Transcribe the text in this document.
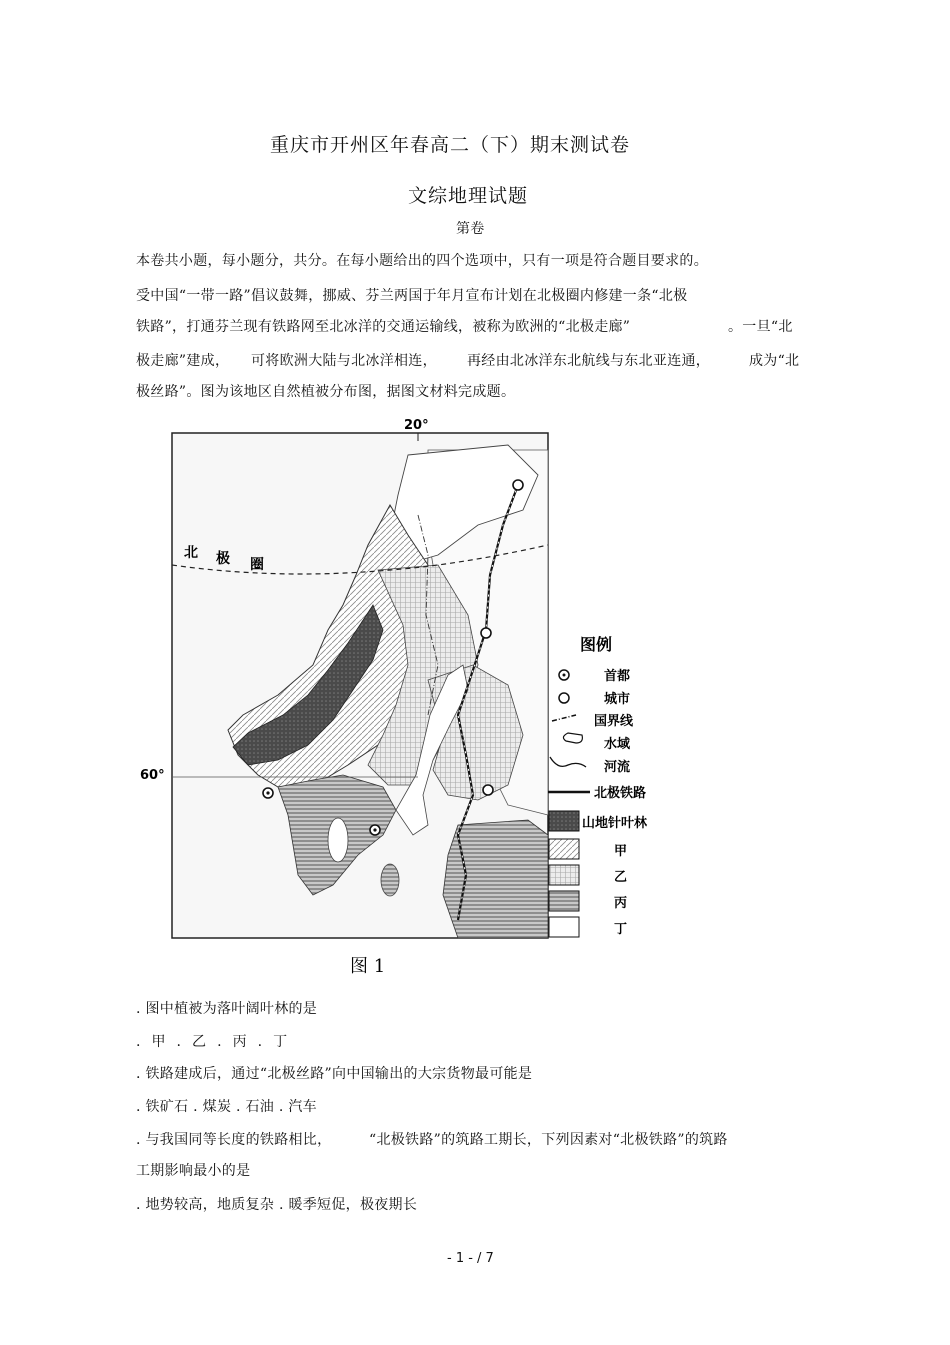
重庆市开州区年春高二（下）期末测试卷
文综地理试题
第卷
本卷共小题，每小题分，共分。在每小题给出的四个选项中，只有一项是符合题目要求的。
受中国“一带一路”倡议鼓舞，挪威、芬兰两国于年月宣布计划在北极圈内修建一条“北极
铁路”，打通芬兰现有铁路网至北冰洋的交通运输线，被称为欧洲的“北极走廊”	。一旦“北
极走廊”建成， 可将欧洲大陆与北冰洋相连， 再经由北冰洋东北航线与东北亚连通，	成为“北
极丝路”。图为该地区自然植被分布图，据图文材料完成题。
20°
60°
北 极 圈
图例
首都
城市
国界线
水域
河流
北极铁路
山地针叶林
甲
乙
丙
丁
图 1
. 图中植被为落叶阔叶林的是
. 甲 . 乙 . 丙 . 丁
. 铁路建成后，通过“北极丝路”向中国输出的大宗货物最可能是
. 铁矿石 . 煤炭 . 石油 . 汽车
. 与我国同等长度的铁路相比，	“北极铁路”的筑路工期长，下列因素对“北极铁路”的筑路
工期影响最小的是
. 地势较高，地质复杂 . 暖季短促，极夜期长
- 1 - / 7
